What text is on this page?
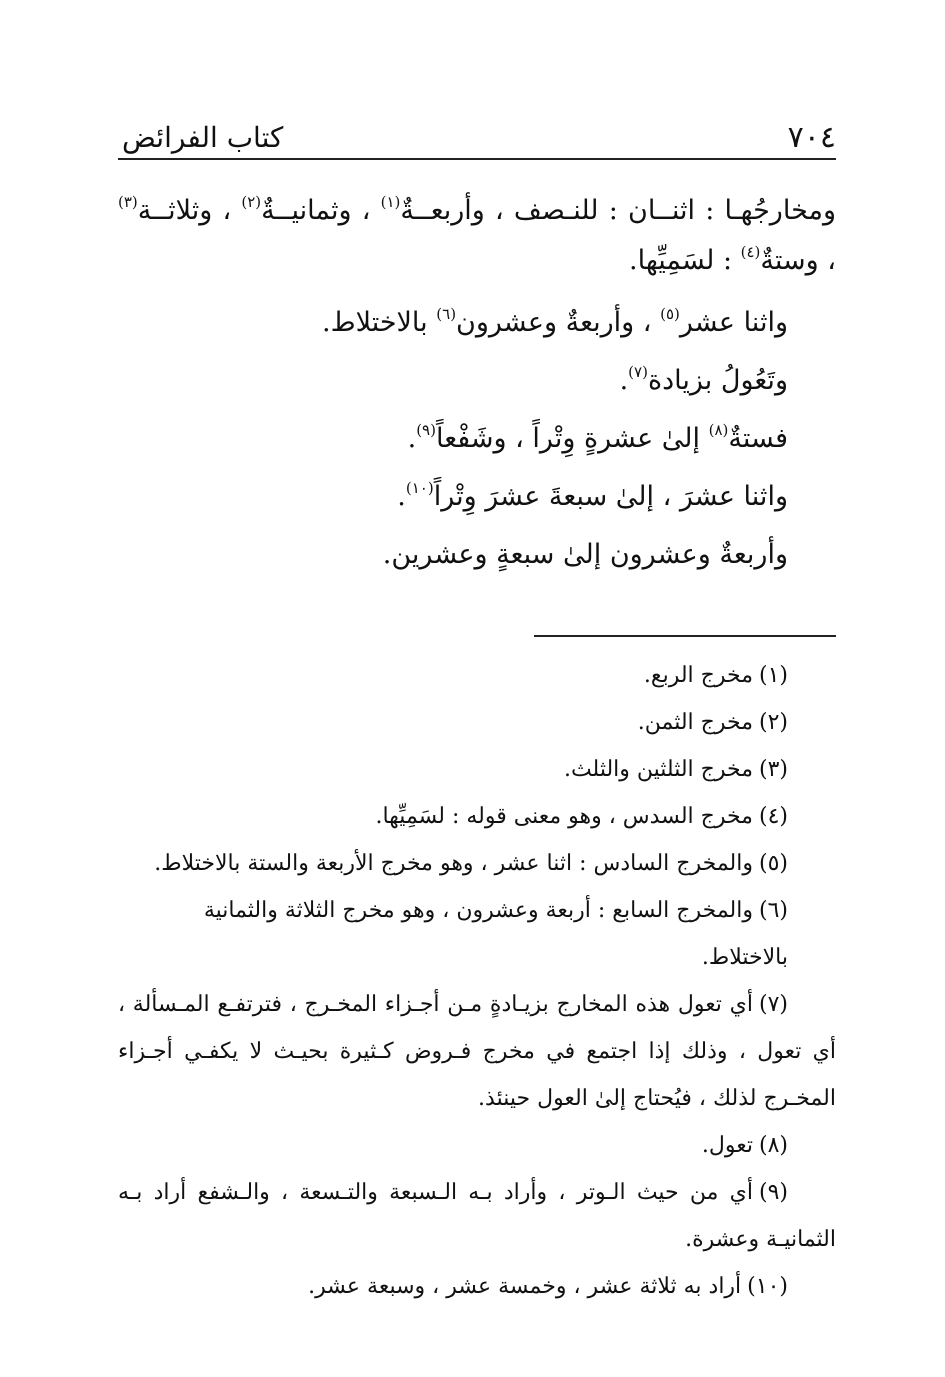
٧٠٤
كتاب الفرائض

ومخارجُهـا : اثنــان : للنـصف ، وأربعــةٌ$^{(١)}$ ، وثمانيــةٌ$^{(٢)}$ ، وثلاثــة$^{(٣)}$ ، وستةٌ$^{(٤)}$ : لسَمِيِّها.

واثنا عشر$^{(٥)}$ ، وأربعةٌ وعشرون$^{(٦)}$ بالاختلاط.

وتَعُولُ بزيادة$^{(٧)}$.

فستةٌ$^{(٨)}$ إلىٰ عشرةٍ وِتْراً ، وشَفْعاً$^{(٩)}$.

واثنا عشرَ ، إلىٰ سبعةَ عشرَ وِتْراً$^{(١٠)}$.

وأربعةٌ وعشرون إلىٰ سبعةٍ وعشرين.

(١)مخرج الربع.

(٢)مخرج الثمن.

(٣)مخرج الثلثين والثلث.

(٤)مخرج السدس ، وهو معنى قوله : لسَمِيِّها.

(٥)والمخرج السادس : اثنا عشر ، وهو مخرج الأربعة والستة بالاختلاط.

(٦)والمخرج السابع : أربعة وعشرون ، وهو مخرج الثلاثة والثمانية بالاختلاط.

(٧)أي تعول هذه المخارج بزيـادةٍ مـن أجـزاء المخـرج ، فترتفـع المـسألة ، أي تعول ، وذلك إذا اجتمع في مخرج فـروض كـثيرة بحيـث لا يكفـي أجـزاء المخـرج لذلك ، فيُحتاج إلىٰ العول حينئذ.

(٨)تعول.

(٩)أي من حيث الـوتر ، وأراد بـه الـسبعة والتـسعة ، والـشفع أراد بـه الثمانيـة وعشرة.

(١٠)أراد به ثلاثة عشر ، وخمسة عشر ، وسبعة عشر.
